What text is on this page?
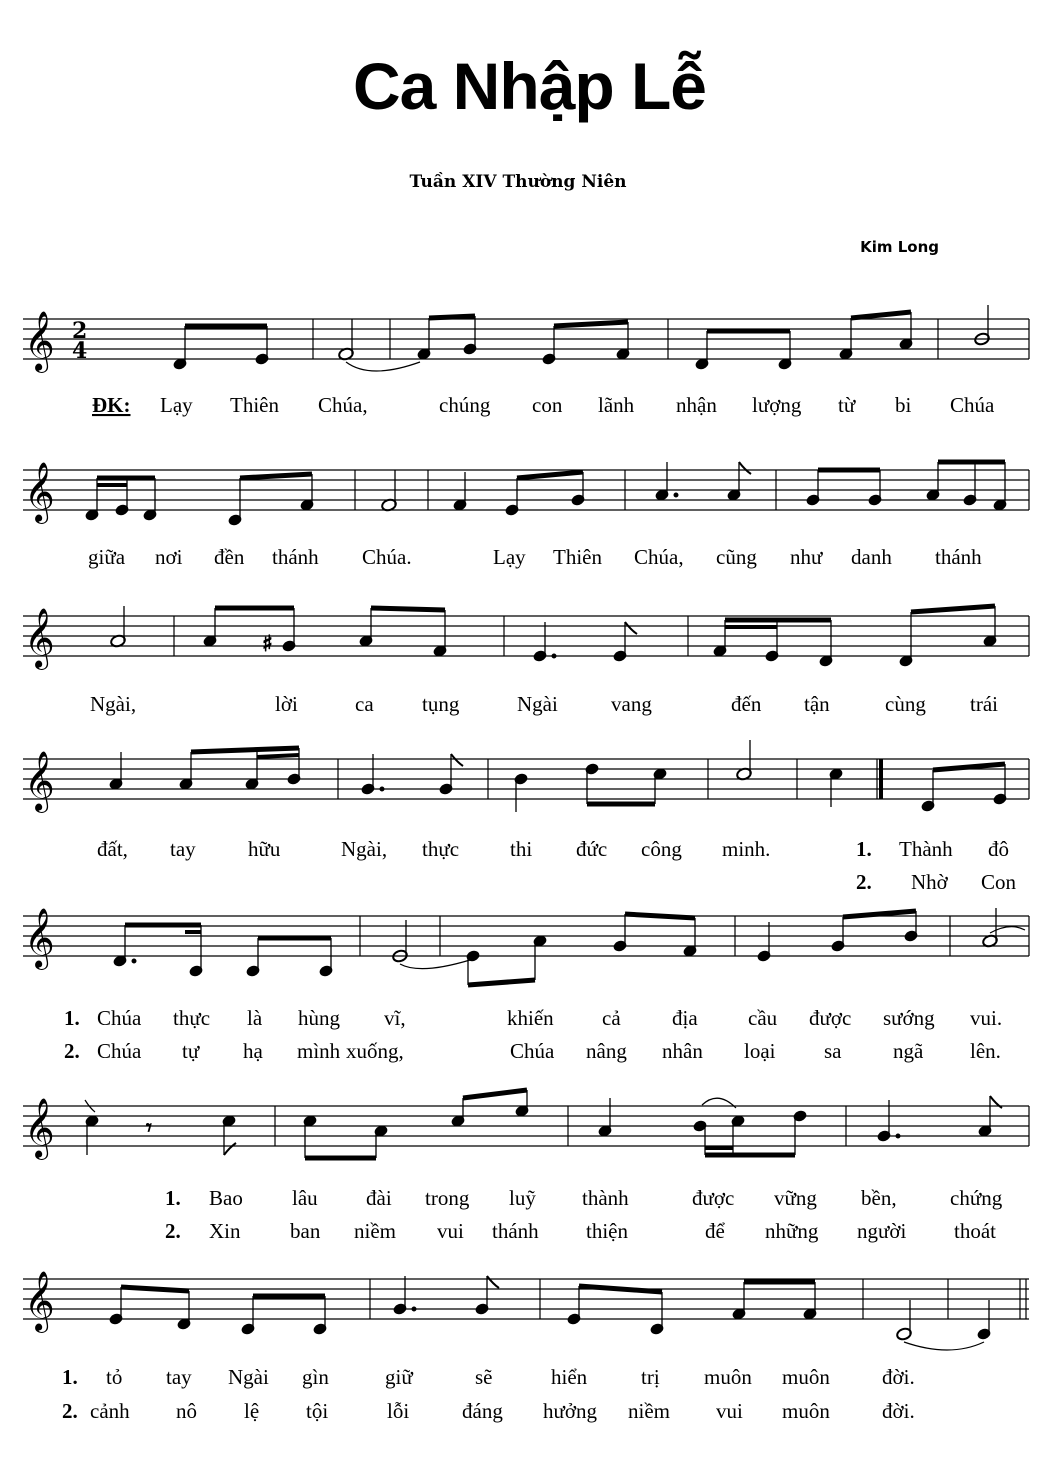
Ca Nhập Lễ
Tuần XIV Thường Niên
Kim Long
𝄞 2
4
𝄞
𝄞	♯
𝄞
𝄞
𝄞	𝄾
𝄞
ĐK: Lạy Thiên Chúa,	chúng con lãnh nhận lượng từ bi Chúa
giữa nơi đền thánh Chúa.	Lạy Thiên Chúa, cũng như danh thánh
Ngài,	lời	ca tụng	Ngài	vang	đến tận	cùng trái
đất, tay hữu	Ngài, thực thi đức công minh.	1. Thành đô
2. Nhờ Con
1. Chúa thực là hùng vĩ,	khiến cả địa cầu được sướng vui.
2. Chúa tự hạ mình xuống,	Chúa nâng nhân loại sa ngã lên.
1. Bao lâu đài trong luỹ thành	được vững bền,	chứng
2. Xin ban niềm vui thánh thiện	để những người thoát
1. tỏ tay Ngài gìn	giữ	sẽ	hiển	trị muôn muôn đời.
2. cảnh nô lệ tội	lỗi	đáng hưởng niềm vui muôn đời.
